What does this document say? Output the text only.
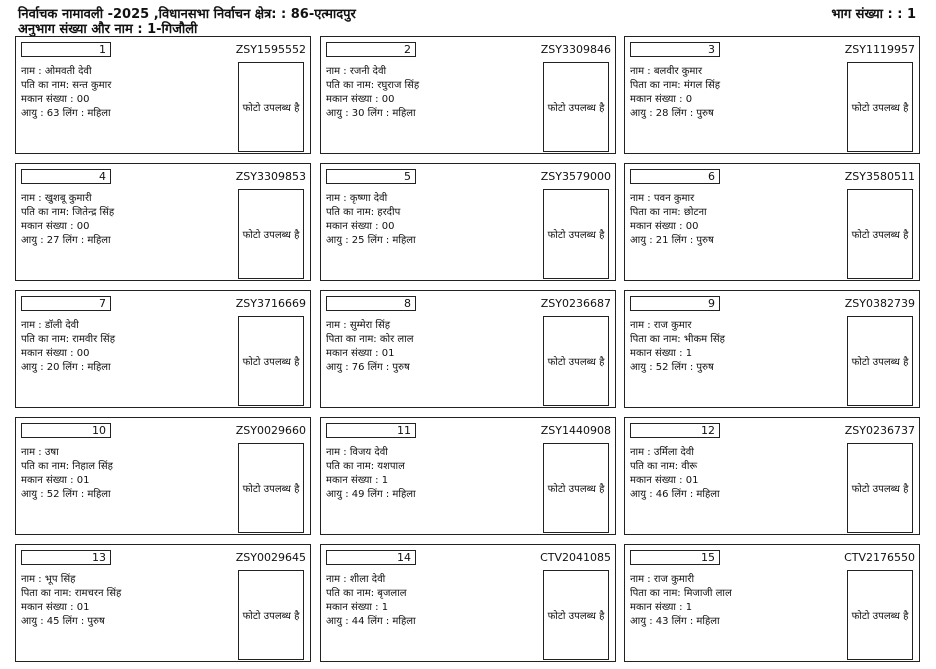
निर्वाचक नामावली -2025 ,विधानसभा निर्वाचन क्षेत्र: : 86-एत्मादपुर
अनुभाग संख्या और नाम : 1-गिजौली
भाग संख्या : : 1
1	ZSY1595552
नाम : ओमवती देवी
पति का नाम: सन्त कुमार
मकान संख्या : 00
आयु : 63 लिंग : महिला	फोटो उपलब्ध है
2	ZSY3309846
नाम : रजनी देवी
पति का नाम: रघुराज सिंह
मकान संख्या : 00
आयु : 30 लिंग : महिला	फोटो उपलब्ध है
3	ZSY1119957
नाम : बलवीर कुमार
पिता का नाम: मंगल सिंह
मकान संख्या : 0
आयु : 28 लिंग : पुरुष	फोटो उपलब्ध है
4	ZSY3309853
नाम : खुशबू कुमारी
पति का नाम: जितेन्द्र सिंह
मकान संख्या : 00
आयु : 27 लिंग : महिला	फोटो उपलब्ध है
5	ZSY3579000
नाम : कृष्णा देवी
पति का नाम: हरदीप
मकान संख्या : 00
आयु : 25 लिंग : महिला	फोटो उपलब्ध है
6	ZSY3580511
नाम : पवन कुमार
पिता का नाम: छोटना
मकान संख्या : 00
आयु : 21 लिंग : पुरुष	फोटो उपलब्ध है
7	ZSY3716669
नाम : डॉली देवी
पति का नाम: रामवीर सिंह
मकान संख्या : 00
आयु : 20 लिंग : महिला	फोटो उपलब्ध है
8	ZSY0236687
नाम : सुम्मेरा सिंह
पिता का नाम: कोर लाल
मकान संख्या : 01
आयु : 76 लिंग : पुरुष	फोटो उपलब्ध है
9	ZSY0382739
नाम : राज कुमार
पिता का नाम: भीकम सिंह
मकान संख्या : 1
आयु : 52 लिंग : पुरुष	फोटो उपलब्ध है
10	ZSY0029660
नाम : उषा
पति का नाम: निहाल सिंह
मकान संख्या : 01
आयु : 52 लिंग : महिला	फोटो उपलब्ध है
11	ZSY1440908
नाम : विजय देवी
पति का नाम: यशपाल
मकान संख्या : 1
आयु : 49 लिंग : महिला	फोटो उपलब्ध है
12	ZSY0236737
नाम : उर्मिला देवी
पति का नाम: वीरू
मकान संख्या : 01
आयु : 46 लिंग : महिला	फोटो उपलब्ध है
13	ZSY0029645
नाम : भूप सिंह
पिता का नाम: रामचरन सिंह
मकान संख्या : 01
आयु : 45 लिंग : पुरुष	फोटो उपलब्ध है
14	CTV2041085
नाम : शीला देवी
पति का नाम: बृजलाल
मकान संख्या : 1
आयु : 44 लिंग : महिला	फोटो उपलब्ध है
15	CTV2176550
नाम : राज कुमारी
पिता का नाम: मिजाजी लाल
मकान संख्या : 1
आयु : 43 लिंग : महिला	फोटो उपलब्ध है
